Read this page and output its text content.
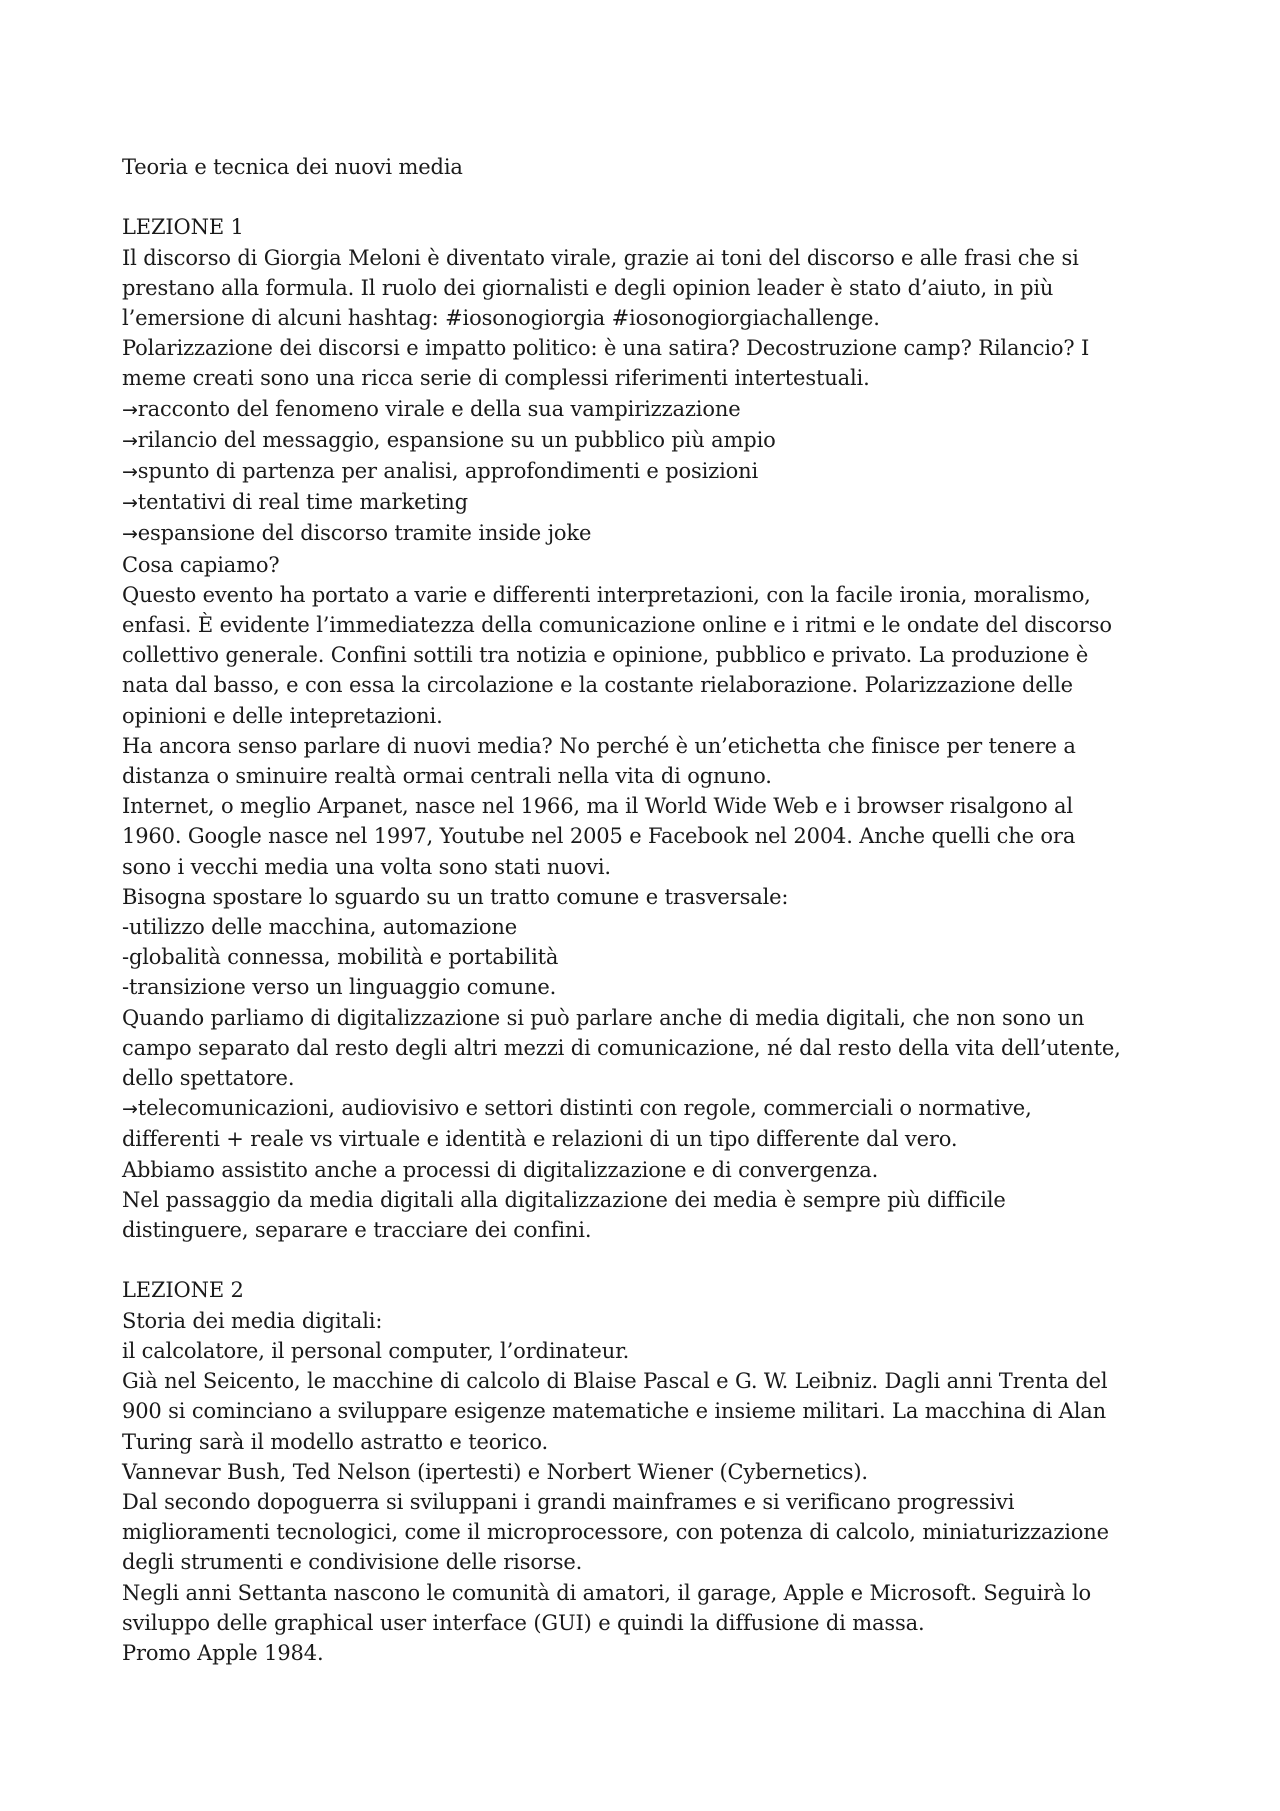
Teoria e tecnica dei nuovi media
LEZIONE 1
Il discorso di Giorgia Meloni è diventato virale, grazie ai toni del discorso e alle frasi che si
prestano alla formula. Il ruolo dei giornalisti e degli opinion leader è stato d’aiuto, in più
l’emersione di alcuni hashtag: #iosonogiorgia #iosonogiorgiachallenge.
Polarizzazione dei discorsi e impatto politico: è una satira? Decostruzione camp? Rilancio? I
meme creati sono una ricca serie di complessi riferimenti intertestuali.
→racconto del fenomeno virale e della sua vampirizzazione
→rilancio del messaggio, espansione su un pubblico più ampio
→spunto di partenza per analisi, approfondimenti e posizioni
→tentativi di real time marketing
→espansione del discorso tramite inside joke
Cosa capiamo?
Questo evento ha portato a varie e differenti interpretazioni, con la facile ironia, moralismo,
enfasi. È evidente l’immediatezza della comunicazione online e i ritmi e le ondate del discorso
collettivo generale. Confini sottili tra notizia e opinione, pubblico e privato. La produzione è
nata dal basso, e con essa la circolazione e la costante rielaborazione. Polarizzazione delle
opinioni e delle intepretazioni.
Ha ancora senso parlare di nuovi media? No perché è un’etichetta che finisce per tenere a
distanza o sminuire realtà ormai centrali nella vita di ognuno.
Internet, o meglio Arpanet, nasce nel 1966, ma il World Wide Web e i browser risalgono al
1960. Google nasce nel 1997, Youtube nel 2005 e Facebook nel 2004. Anche quelli che ora
sono i vecchi media una volta sono stati nuovi.
Bisogna spostare lo sguardo su un tratto comune e trasversale:
-utilizzo delle macchina, automazione
-globalità connessa, mobilità e portabilità
-transizione verso un linguaggio comune.
Quando parliamo di digitalizzazione si può parlare anche di media digitali, che non sono un
campo separato dal resto degli altri mezzi di comunicazione, né dal resto della vita dell’utente,
dello spettatore.
→telecomunicazioni, audiovisivo e settori distinti con regole, commerciali o normative,
differenti + reale vs virtuale e identità e relazioni di un tipo differente dal vero.
Abbiamo assistito anche a processi di digitalizzazione e di convergenza.
Nel passaggio da media digitali alla digitalizzazione dei media è sempre più difficile
distinguere, separare e tracciare dei confini.
LEZIONE 2
Storia dei media digitali:
il calcolatore, il personal computer, l’ordinateur.
Già nel Seicento, le macchine di calcolo di Blaise Pascal e G. W. Leibniz. Dagli anni Trenta del
900 si cominciano a sviluppare esigenze matematiche e insieme militari. La macchina di Alan
Turing sarà il modello astratto e teorico.
Vannevar Bush, Ted Nelson (ipertesti) e Norbert Wiener (Cybernetics).
Dal secondo dopoguerra si sviluppani i grandi mainframes e si verificano progressivi
miglioramenti tecnologici, come il microprocessore, con potenza di calcolo, miniaturizzazione
degli strumenti e condivisione delle risorse.
Negli anni Settanta nascono le comunità di amatori, il garage, Apple e Microsoft. Seguirà lo
sviluppo delle graphical user interface (GUI) e quindi la diffusione di massa.
Promo Apple 1984.
